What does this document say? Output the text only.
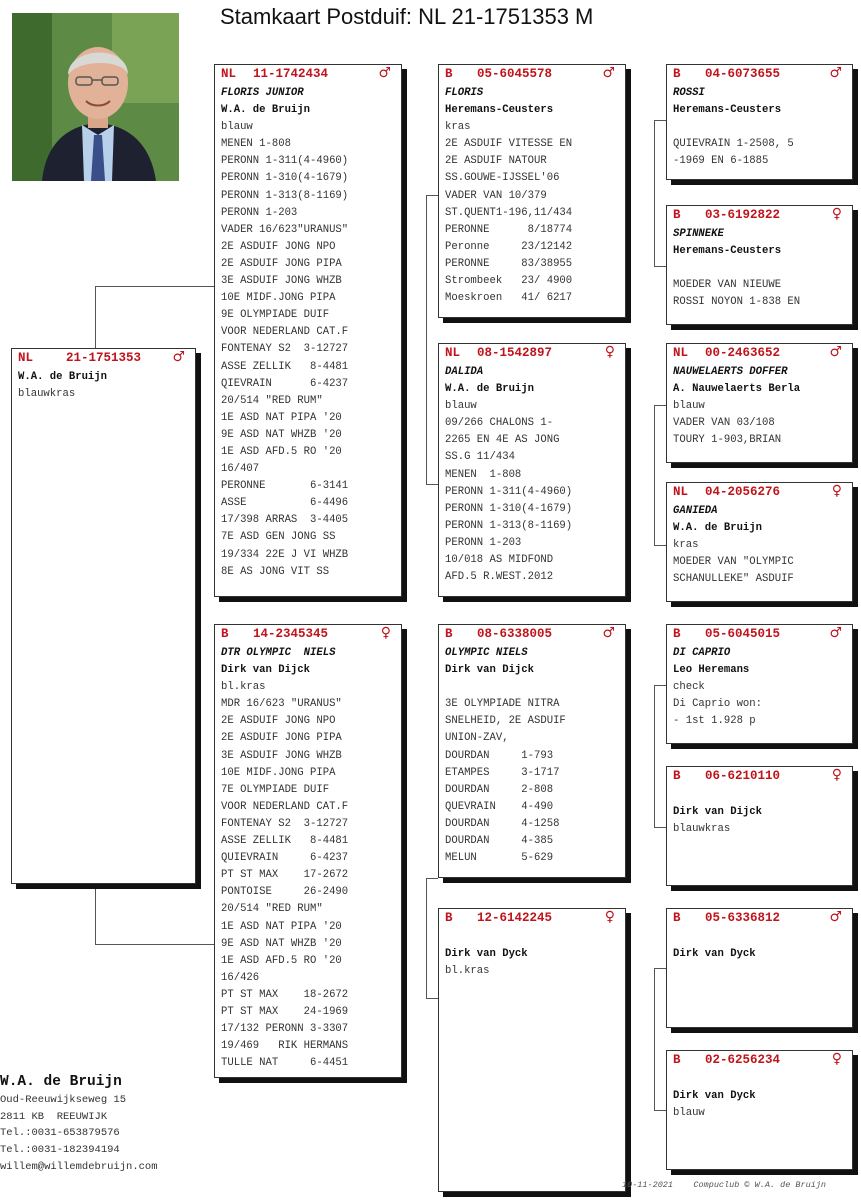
Stamkaart Postduif: NL 21-1751353 M
NL	21-1751353 ♂
W.A. de Bruijn
blauwkras
NL 11-1742434	♂
FLORIS JUNIOR
W.A. de Bruijn
blauw
MENEN 1-808
PERONN 1-311(4-4960)
PERONN 1-310(4-1679)
PERONN 1-313(8-1169)
PERONN 1-203
VADER 16/623"URANUS"
2E ASDUIF JONG NPO
2E ASDUIF JONG PIPA
3E ASDUIF JONG WHZB
10E MIDF.JONG PIPA
9E OLYMPIADE DUIF
VOOR NEDERLAND CAT.F
FONTENAY S2  3-12727
ASSE ZELLIK   8-4481
QIEVRAIN      6-4237
20/514 "RED RUM"
1E ASD NAT PIPA '20
9E ASD NAT WHZB '20
1E ASD AFD.5 RO '20
16/407
PERONNE       6-3141
ASSE          6-4496
17/398 ARRAS  3-4405
7E ASD GEN JONG SS
19/334 22E J VI WHZB
8E AS JONG VIT SS
B 14-2345345	♀
DTR OLYMPIC  NIELS
Dirk van Dijck
bl.kras
MDR 16/623 "URANUS"
2E ASDUIF JONG NPO
2E ASDUIF JONG PIPA
3E ASDUIF JONG WHZB
10E MIDF.JONG PIPA
7E OLYMPIADE DUIF
VOOR NEDERLAND CAT.F
FONTENAY S2  3-12727
ASSE ZELLIK   8-4481
QUIEVRAIN     6-4237
PT ST MAX    17-2672
PONTOISE     26-2490
20/514 "RED RUM"
1E ASD NAT PIPA '20
9E ASD NAT WHZB '20
1E ASD AFD.5 RO '20
16/426
PT ST MAX    18-2672
PT ST MAX    24-1969
17/132 PERONN 3-3307
19/469   RIK HERMANS
TULLE NAT     6-4451
B 05-6045578	♂
FLORIS
Heremans-Ceusters
kras
2E ASDUIF VITESSE EN
2E ASDUIF NATOUR
SS.GOUWE-IJSSEL'06
VADER VAN 10/379
ST.QUENT1-196,11/434
PERONNE      8/18774
Peronne     23/12142
PERONNE     83/38955
Strombeek   23/ 4900
Moeskroen   41/ 6217
NL 08-1542897	♀
DALIDA
W.A. de Bruijn
blauw
09/266 CHALONS 1-
2265 EN 4E AS JONG
SS.G 11/434
MENEN  1-808
PERONN 1-311(4-4960)
PERONN 1-310(4-1679)
PERONN 1-313(8-1169)
PERONN 1-203
10/018 AS MIDFOND
AFD.5 R.WEST.2012
B 08-6338005	♂
OLYMPIC NIELS
Dirk van Dijck

3E OLYMPIADE NITRA
SNELHEID, 2E ASDUIF
UNION-ZAV,
DOURDAN     1-793
ETAMPES     3-1717
DOURDAN     2-808
QUEVRAIN    4-490
DOURDAN     4-1258
DOURDAN     4-385
MELUN       5-629
B 12-6142245	♀

Dirk van Dyck
bl.kras
B 04-6073655	♂
ROSSI
Heremans-Ceusters

QUIEVRAIN 1-2508, 5
-1969 EN 6-1885
B 03-6192822	♀
SPINNEKE
Heremans-Ceusters

MOEDER VAN NIEUWE
ROSSI NOYON 1-838 EN
NL 00-2463652	♂
NAUWELAERTS DOFFER
A. Nauwelaerts Berla
blauw
VADER VAN 03/108
TOURY 1-903,BRIAN
NL 04-2056276	♀
GANIEDA
W.A. de Bruijn
kras
MOEDER VAN "OLYMPIC
SCHANULLEKE" ASDUIF
B 05-6045015	♂
DI CAPRIO
Leo Heremans
check
Di Caprio won:
- 1st 1.928 p
B 06-6210110	♀

Dirk van Dijck
blauwkras
B 05-6336812	♂

Dirk van Dyck
B 02-6256234	♀

Dirk van Dyck
blauw
W.A. de Bruijn
Oud-Reeuwijkseweg 15
2811 KB  REEUWIJK
Tel.:0031-653879576
Tel.:0031-182394194
willem@willemdebruijn.com
10-11-2021    Compuclub © W.A. de Bruijn
